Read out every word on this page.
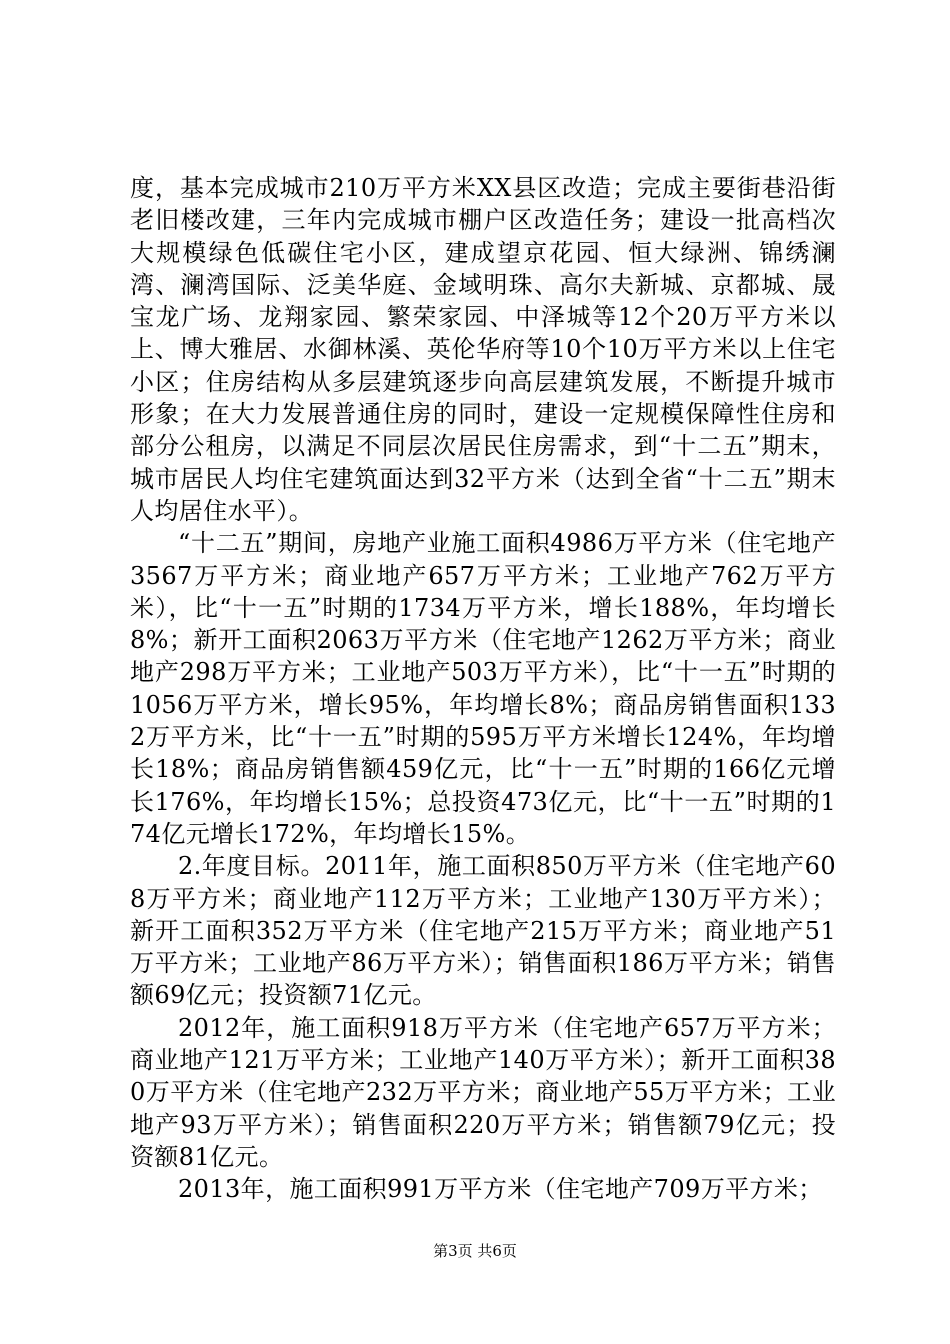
度，基本完成城市210万平方米XX县区改造；完成主要街巷沿街老旧楼改建，三年内完成城市棚户区改造任务；建设一批高档次大规模绿色低碳住宅小区，建成望京花园、恒大绿洲、锦绣澜湾、澜湾国际、泛美华庭、金域明珠、高尔夫新城、京都城、晟宝龙广场、龙翔家园、繁荣家园、中泽城等12个20万平方米以上、博大雅居、水御林溪、英伦华府等10个10万平方米以上住宅小区；住房结构从多层建筑逐步向高层建筑发展，不断提升城市形象；在大力发展普通住房的同时，建设一定规模保障性住房和部分公租房，以满足不同层次居民住房需求，到“十二五”期末，城市居民人均住宅建筑面达到32平方米（达到全省“十二五”期末人均居住水平）。

“十二五”期间，房地产业施工面积4986万平方米（住宅地产3567万平方米；商业地产657万平方米；工业地产762万平方米），比“十一五”时期的1734万平方米，增长188%，年均增长8%；新开工面积2063万平方米（住宅地产1262万平方米；商业地产298万平方米；工业地产503万平方米），比“十一五”时期的1056万平方米，增长95%，年均增长8%；商品房销售面积1332万平方米，比“十一五”时期的595万平方米增长124%，年均增长18%；商品房销售额459亿元，比“十一五”时期的166亿元增长176%，年均增长15%；总投资473亿元，比“十一五”时期的174亿元增长172%，年均增长15%。

2.年度目标。2011年，施工面积850万平方米（住宅地产608万平方米；商业地产112万平方米；工业地产130万平方米）；新开工面积352万平方米（住宅地产215万平方米；商业地产51万平方米；工业地产86万平方米）；销售面积186万平方米；销售额69亿元；投资额71亿元。

2012年，施工面积918万平方米（住宅地产657万平方米；商业地产121万平方米；工业地产140万平方米）；新开工面积380万平方米（住宅地产232万平方米；商业地产55万平方米；工业地产93万平方米）；销售面积220万平方米；销售额79亿元；投资额81亿元。

2013年，施工面积991万平方米（住宅地产709万平方米；

第3页 共6页
